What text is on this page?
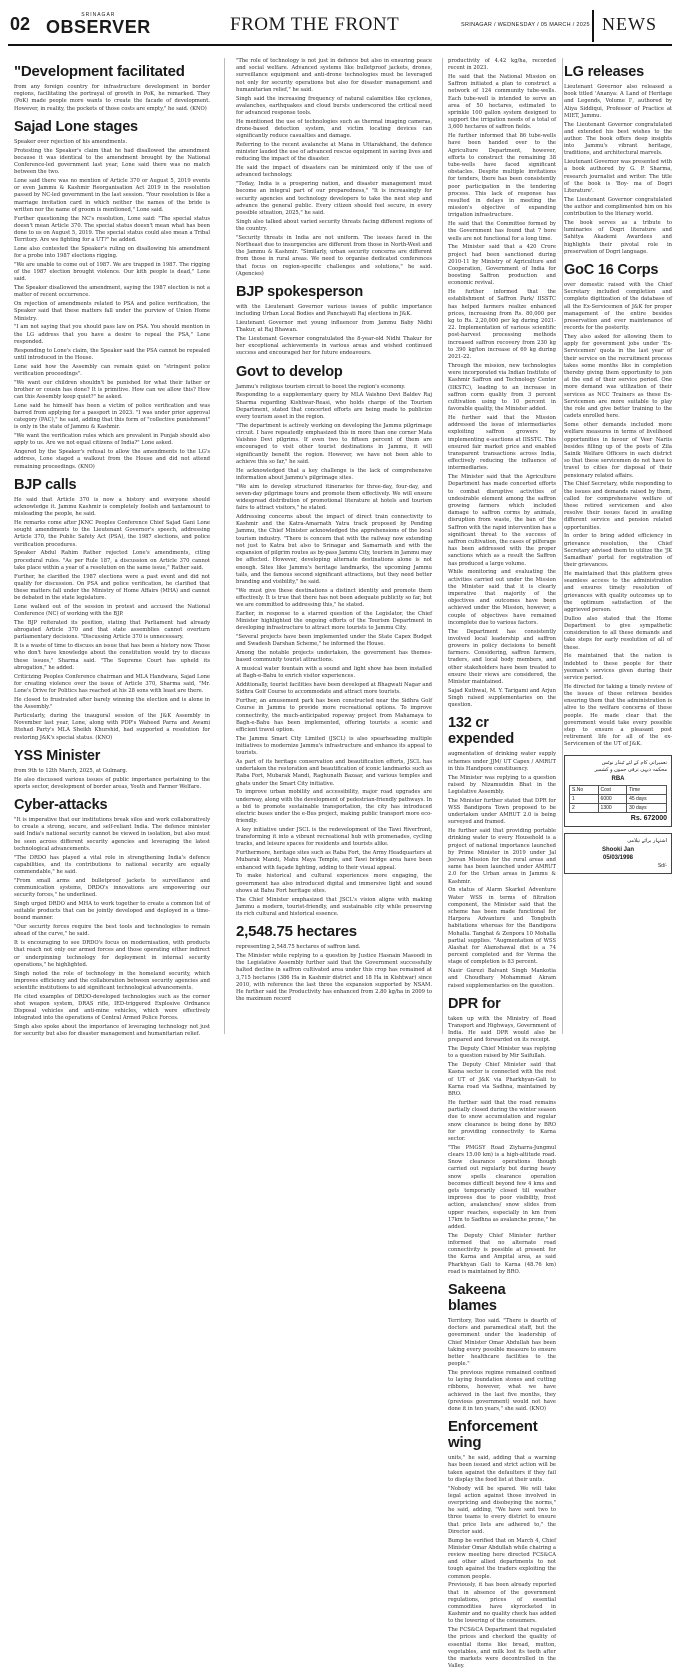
02	SRINAGAR
OBSERVER	FROM THE FRONT	SRINAGAR / WEDNESDAY / 05 MARCH / 2025 NEWS
"Development facilitated

from any foreign country for infrastructure development in border regions, facilitating the portrayal of growth in PoK, he remarked. They (PoK) made people more wants to create the facade of development. However, in reality, the pockets of those costs are empty," he said. (KNO)

Sajad Lone stages

Speaker over rejection of his amendments.

Protesting the Speaker's claim that he had disallowed the amendment because it was identical to the amendment brought by the National Conference-led government last year, Lone said there was no match between the two.

Lone said there was no mention of Article 370 or August 5, 2019 events or even Jammu & Kashmir Reorganisation Act 2019 in the resolution passed by NC-led government in the last session. "Your resolution is like a marriage invitation card in which neither the names of the bride is written nor the name of groom is mentioned," Lone said.

Further questioning the NC's resolution, Lone said: "The special status doesn't mean Article 370. The special status doesn't mean what has been done to us on August 5, 2019. The special status could also mean a Tribal Territory. Are we fighting for a UT?" he added.

Lone also contested the Speaker's ruling on disallowing his amendment for a probe into 1987 elections rigging.

"We are unable to come out of 1987. We are trapped in 1987. The rigging of the 1987 election brought violence. Our kith people is dead," Lone said.

The Speaker disallowed the amendment, saying the 1987 election is not a matter of recent occurrence.

On rejection of amendments related to PSA and police verification, the Speaker said that these matters fall under the purview of Union Home Ministry.

"I am not saying that you should pass law on PSA. You should mention in the LG address that you have a desire to repeal the PSA," Lone responded.

Responding to Lone's claim, the Speaker said the PSA cannot be repealed until introduced in the House.

Lone said how the Assembly can remain quiet on "stringent police verification proceedings".

"We want our children shouldn't be punished for what their father or brother or cousin has done? It is primitive. How can we allow this? How can this Assembly keep quiet?" he asked.

Lone said he himself has been a victim of police verification and was barred from applying for a passport in 2023. "I was under prior approval category (PAC)," he said, adding that this form of "collective punishment" is only in the state of Jammu & Kashmir.

"We want the verification rules which are prevalent in Punjab should also apply to us. Are we not equal citizens of India?" Lone asked.

Angered by the Speaker's refusal to allow the amendments to the LG's address, Lone staged a walkout from the House and did not attend remaining proceedings. (KNO)

BJP calls

He said that Article 370 is now a history and everyone should acknowledge it. Jammu Kashmir is completely foolish and tantamount to misleading the people, he said.

He remarks come after JKNC Peoples Conference Chief Sajad Gani Lone sought amendments to the Lieutenant Governor's speech, addressing Article 370, the Public Safety Act (PSA), the 1987 elections, and police verification procedures.

Speaker Abdul Rahim Rather rejected Lone's amendments, citing procedural rules. "As per Rule 187, a discussion on Article 370 cannot take place within a year of a resolution on the same issue," Rather said.

Further, he clarified the 1987 elections were a past event and did not qualify for discussion. On PSA and police verification, he clarified that these matters fall under the Ministry of Home Affairs (MHA) and cannot be debated in the state legislature.

Lone walked out of the session in protest and accused the National Conference (NC) of working with the BJP.

The BJP reiterated its position, stating that Parliament had already abrogated Article 370 and that state assemblies cannot overturn parliamentary decisions. "Discussing Article 370 is unnecessary.

It is a waste of time to discuss an issue that has been a history now. Those who don't have knowledge about the constitution would try to discuss these issues," Sharma said. "The Supreme Court has upheld its abrogation," he added.

Criticizing Peoples Conference chairman and MLA Handwara, Sajad Lone for creating violence over the issue of Article 370, Sharma said, "Mr. Lone's Drive for Politics has reached at his 28 sons with least are there.

He closed to frustrated after barely winning the election and is alone in the Assembly."

Particularly, during the inaugural session of the J&K Assembly in November last year, Lone, along with PDP's Waheed Parra and Awami Ittehad Party's MLA Sheikh Khurshid, had supported a resolution for restoring J&K's special status. (KNO)

YSS Minister

from 9th to 12th March, 2025, at Gulmarg.

He also discussed various issues of public importance pertaining to the sports sector, development of border areas, Youth and Farmer Welfare.

Cyber-attacks

"It is imperative that our institutions break silos and work collaboratively to create a strong, secure, and self-reliant India. The defence minister said India's national security cannot be viewed in isolation, but also must be seen across different security agencies and leveraging the latest technological advancements.

"The DRDO has played a vital role in strengthening India's defence capabilities, and its contributions to national security are equally commendable," he said.

"From small arms and bulletproof jackets to surveillance and communication systems, DRDO's innovations are empowering our security forces," he underlined.

Singh urged DRDO and MHA to work together to create a common list of suitable products that can be jointly developed and deployed in a time-bound manner.

"Our security forces require the best tools and technologies to remain ahead of the curve," he said.

It is encouraging to see DRDO's focus on modernisation, with products that reach not only our armed forces and those operating either indirect or underpinning technology for deployment in internal security operations," he highlighted.

Singh noted the role of technology in the homeland security, which improves efficiency and the collaboration between security agencies and scientific institutions to aid significant technological advancements.

He cited examples of DRDO-developed technologies such as the corner shot weapon system, DRAS rifle, IED-triggered Explosive Ordnance Disposal vehicles and anti-mine vehicles, which were effectively integrated into the operations of Central Armed Police Forces.

Singh also spoke about the importance of leveraging technology not just for security but also for disaster management and humanitarian relief.

"The role of technology is not just in defence but also in ensuring peace and social welfare. Advanced systems like bulletproof jackets, drones, surveillance equipment and anti-drone technologies must be leveraged not only for security operations but also for disaster management and humanitarian relief," he said.

Singh said the increasing frequency of natural calamities like cyclones, avalanches, earthquakes and cloud bursts underscored the critical need for advanced response tools.

He mentioned the use of technologies such as thermal imaging cameras, drone-based detection system, and victim locating devices can significantly reduce casualties and damage.

Referring to the recent avalanche at Mana in Uttarakhand, the defence minister lauded the use of advanced rescue equipment in saving lives and reducing the impact of the disaster.

He said the impact of disasters can be minimized only if the use of advanced technology.

"Today, India is a prospering nation, and disaster management must become an integral part of our preparedness," "It is increasingly for security agencies and technology developers to take the next step and advance the general public. Every citizen should feel secure, in every possible situation, 2025," he said.

Singh also talked about varied security threats facing different regions of the country.

"Security threats in India are not uniform. The issues faced in the Northeast due to insurgencies are different from those in North-West and the Jammu & Kashmir. "Similarly, urban security concerns are different from those in rural areas. We need to organise dedicated conferences that focus on region-specific challenges and solutions," he said. (Agencies)

BJP spokesperson

with the Lieutenant Governor various issues of public importance including Urban Local Bodies and Panchayati Raj elections in J&K.

Lieutenant Governor met young influencer from Jammu Baby Nidhi Thakur, at Raj Bhawan.

The Lieutenant Governor congratulated the 8-year-old Nidhi Thakur for her exceptional achievements in various areas and wished continued success and encouraged her for future endeavours.

Govt to develop

Jammu's religious tourism circuit to boost the region's economy.

Responding to a supplementary query by MLA Vaishno Devi Baldev Raj Sharma regarding Kishtwar-Reasi, who holds charge of the Tourism Department, stated that concerted efforts are being made to publicize every tourism asset in the region.

"The department is actively working on developing the Jammu pilgrimage circuit. I have repeatedly emphasized this in more than one corner Mata Vaishno Devi pilgrims. If even two to fifteen percent of them are encouraged to visit other tourist destinations in Jammu, it will significantly benefit the region. However, we have not been able to achieve this so far," he said.

He acknowledged that a key challenge is the lack of comprehensive information about Jammu's pilgrimage sites.

"We aim to develop structured itineraries for three-day, four-day, and seven-day pilgrimage tours and promote them effectively. We will ensure widespread distribution of promotional literature at hotels and tourism fairs to attract visitors," he stated.

Addressing concerns about the impact of direct train connectivity to Kashmir and the Katra-Amarnath Yatra track proposed by Pending Jammu, the Chief Minister acknowledged the apprehensions of the local tourism industry. "There is concern that with the railway now extending not just to Katra but also to Srinagar and Samarnath and with the expansion of pilgrim routes as by-pass Jammu City, tourism in Jammu may be affected. However, developing alternate destinations alone is not enough. Sites like Jammu's heritage landmarks, the upcoming Jammu tails, and the famous second significant attractions, but they need better branding and visibility," he said.

"We must give these destinations a distinct identity and promote them effectively. It is true that there has not been adequate publicity so far, but we are committed to addressing this," he stated.

Earlier, in response to a starred question of the Legislator, the Chief Minister highlighted the ongoing efforts of the Tourism Department in developing infrastructure to attract more tourists to Jammu City.

"Several projects have been implemented under the State Capex Budget and Swadesh Darshan Scheme," he informed the House.

Among the notable projects undertaken, the government has themes-based community tourist attractions.

A musical water fountain with a sound and light show has been installed at Bagh-e-Bahu to enrich visitor experiences.

Additionally, tourist facilities have been developed at Bhagwati Nagar and Sidhra Golf Course to accommodate and attract more tourists.

Further, an amusement park has been constructed near the Sidhra Golf Course in Jammu to provide more recreational options. To improve connectivity, the much-anticipated ropeway project from Mahamaya to Bagh-e-Bahu has been implemented, offering tourists a scenic and efficient travel option.

The Jammu Smart City Limited (JSCL) is also spearheading multiple initiatives to modernize Jammu's infrastructure and enhance its appeal to tourists.

As part of its heritage conservation and beautification efforts, JSCL has undertaken the restoration and beautification of iconic landmarks such as Raba Fort, Mubarak Mandi, Raghunath Bazaar, and various temples and ghats under the Smart City initiative.

To improve urban mobility and accessibility, major road upgrades are underway, along with the development of pedestrian-friendly pathways. In a bid to promote sustainable transportation, the city has introduced electric buses under the e-Bus project, making public transport more eco-friendly.

A key initiative under JSCL is the redevelopment of the Tawi Riverfront, transforming it into a vibrant recreational hub with promenades, cycling tracks, and leisure spaces for residents and tourists alike.

Furthermore, heritage sites such as Raba Fort, the Army Headquarters at Mubarak Mandi, Mahu Maya Temple, and Tawi bridge area have been enhanced with façade lighting, adding to their visual appeal.

To make historical and cultural experiences more engaging, the government has also introduced digital and immersive light and sound shows at Bahu Fort heritage sites.

The Chief Minister emphasized that JSCL's vision aligns with making Jammu a modern, tourist-friendly, and sustainable city while preserving its rich cultural and historical essence.

2,548.75 hectares

representing 2,548.75 hectares of saffron land.

The Minister while replying to a question by Justice Hasnain Masoodi in the Legislative Assembly further said that the Government successfully halted decline in saffron cultivated area under this crop has remained at 3,715 hectares (386 Ha in Kashmir district and 18 Ha in Kishtwar) since 2010, with reference the last three the expansion supported by NSAM. He further said the Productivity has enhanced from 2.80 kg/ha in 2009 to the maximum record

productivity of 4.42 kg/ha, recorded recent in 2023.

He said that the National Mission on Saffron initiated a plan to construct a network of 124 community tube-wells. Each tube-well is intended to serve an area of 50 hectares, estimated to sprinkle 100 gallon system designed to support the irrigation needs of a total of 3,600 hectares of saffron fields.

He further informed that 86 tube-wells have been handed over to the Agriculture Department, however, efforts to construct the remaining 38 tube-wells have faced significant obstacles. Despite multiple invitations for tenders, there has been consistently poor participation in the tendering process. This lack of response has resulted in delays in meeting the mission's objective of expanding irrigation infrastructure.

He said that the Committee formed by the Government has found that 7 bore wells are not functional for a long time.

The Minister said that a 420 Crore project had been sanctioned during 2010-11 by Ministry of Agriculture and Cooperation, Government of India for boosting Saffron production and economic revival.

He further informed that the establishment of Saffron Park/ IISSTC has helped farmers realize enhanced prices, increasing from Rs. 80,000 per kg to Rs. 2,20,000 per kg during 2021-22. Implementation of various scientific post-harvest processing methods increased saffron recovery from 230 kg to 390 kg/ton increase of 69 kg during 2021-22.

Through the mission, new technologies were incorporated via Indian Institute of Kashmir Saffron and Technology Center (IIKSTC), leading to an increase in saffron corm quality from 3 percent cultivation using to 10 percent in favorable quality, the Minister added.

He further said that the Mission addressed the issue of intermediaries exploiting saffron growers by implementing e-auctions at IISSTC. This ensured fair market price and enabled transparent transactions across India, effectively reducing the influence of intermediaries.

The Minister said that the Agriculture Department has made concerted efforts to combat disruptive activities of undesirable element among the saffron growing farmers which included damage to saffron corms by animals, disruption from waste, the ban of the Saffron with the rapid intervention has a significant threat to the success of saffron cultivation, the cases of pilferage has been addressed with the proper sanctions which as a result the Saffron has produced a large volume.

While monitoring and evaluating the activities carried out under the Mission the Minister said that it is clearly imperative that majority of the objectives and outcomes have been achieved under the Mission, however, a couple of objectives have remained incomplete due to various factors.

The Department has consistently involved local leadership and saffron growers in policy decisions to benefit farmers. Considering, saffron farmers, traders, and local body members, and other stakeholders have been treated to ensure their views are considered, the Minister maintained.

Sajad Kuthwal, M. Y. Tarigami and Arjun Singh raised supplementaries on the question.

132 cr expended

augmentation of drinking water supply schemes under JJM/ UT Capex / AMRUT in this Handpore constituency.

The Minister was replying to a question raised by Nizamuddin Bhat in the Legislative Assembly.

The Minister further stated that DPR for WSS Bandipora Town proposed to be undertaken under AMRUT 2.0 is being surveyed and framed.

He further said that providing portable drinking water to every Household is a project of national importance launched by Prime Minister in 2019 under Jal Jeevan Mission for the rural areas and same has been launched under AMRUT 2.0 for the Urban areas in Jammu & Kashmir.

On status of Alarm Skarkel Adventure Water WSS in terms of filtration component, the Minister said that the scheme has been made functional for Harpora Advanture and Tongbuth habitations whereas for the Bandipora Mohalla. Tanghat & Zenpora 10 Mohalla partial supplies. "Augmentation of WSS Alashat for Alamshawal dist is a 74 percent completed and for Verma the stage of completion is 83 percent.

Nasir Gurezi Balvant Singh Mankotia and Choudhary Mohammad Akram raised supplementaries on the question.

DPR for

taken up with the Ministry of Road Transport and Highways, Government of India. He said DPR would also be prepared and forwarded on its receipt.

The Deputy Chief Minister was replying to a question raised by Mir Saifullah.

The Deputy Chief Minister said that Kasna sector is connected with the rest of UT of J&K via Pharkhyan-Gali to Karna road via Sadhna, maintained by BRO.

He further said that the road remains partially closed during the winter season due to snow accumulation and regular snow clearance is being done by BRO for providing connectivity to Karna sector.

"The PMGSY Road Ziyharra-Jungmul clears 15.00 km) is a high-altitude road. Snow clearance operations though carried out regularly but during heavy snow spells clearance operation becomes difficult beyond few 4 kms and gets temporarily closed till weather improves due to poor visibility, frost action, avalanches/ snow slides from upper reaches, especially in km from 17km to Sadhna as avalanche prone," he added.

The Deputy Chief Minister further informed that no alternate road connectivity is possible at present for the Karna and Ampital area, as said Pharkhyan Gali to Karna (48.76 km) road is maintained by BRO.

Sakeena blames

Territory, Itoo said. "There is dearth of doctors and paramedical staff, but the government under the leadership of Chief Minister Omar Abdullah has been taking every possible measure to ensure better healthcare facilities to the people."

The previous regime remained confined to laying foundation stones and cutting ribbons, however, what we have achieved in the last five months, they (previous government) would not have done it in ten years," she said. (KNO)

Enforcement wing

units," he said, adding that a warning has been issued and strict action will be taken against the defaulters if they fail to display the food list at their units.

"Nobody will be spared. We will take legal action against those involved in overpricing and disobeying the norms," he said, adding, "We have sent two to three teams to every district to ensure that price lists are adhered to," the Director said.

Bump be verified that on March 4, Chief Minister Omar Abdullah while chairing a review meeting here directed FCS&CA and other allied departments to not tough against the traders exploiting the common people.

Previously, it has been already reported that in absence of the government regulations, prices of essential commodities have skyrocketed in Kashmir and no quality check has added to the lowering of the consumers.

The FCS&CA Department that regulated the prices and checked the quality of essential items like bread, mutton, vegetables, and milk lost its teeth after the markets were decontrolled in the Valley.

LG releases

Lieutenant Governor also released a book titled 'Ananya: A Land of Heritage and Legends, Volume I', authored by Aliya Siddiqui, Professor of Practice at MIET, Jammu.

The Lieutenant Governor congratulated and extended his best wishes to the author. The book offers deep insights into Jammu's vibrant heritage, traditions, and architectural marvels.

Lieutenant Governor was presented with a book authored by G. P. Sharma, research journalist and writer. The title of the book is 'Boy- ma of Dogri Literature'.

The Lieutenant Governor congratulated the author and complimented him on his contribution to the literary world.

The book serves as a tribute to luminaries of Dogri literature and Sahitya Akademi Awardees and highlights their pivotal role in preservation of Dogri language.

GoC 16 Corps

over domestic raised with the Chief Secretary included completion and complete digitization of the database of all the Ex-Servicemen of J&K for proper management of the entire besides preservation and ever maintenance of records for the posterity.

They also asked for allowing them to apply for government jobs under 'Ex-Servicemen' quota in the last year of their service on the recruitment process takes some months like in completion thereby giving them opportunity to join at the end of their service period. One more demand was utilization of their services as NCC Trainers as these Ex-Servicemen are more suitable to play the role and give better training to the cadets enrolled here.

Some other demands included more welfare measures in terms of livelihood opportunities in favour of Veer Nariis besides filling up of the posts of Zila Sainik Welfare Officers in each district so that these servicemen do not have to travel to cities for disposal of their pensionary related affairs.

The Chief Secretary, while responding to the issues and demands raised by them, called for comprehensive welfare of these retired servicemen and also resolve their issues faced in availing different service and pension related opportunities.

In order to bring added efficiency in grievance resolution, the Chief Secretary advised them to utilize the 'JK Samadhan' portal for registration of their grievances.

He maintained that this platform gives seamless access to the administration and ensures timely resolution of grievances with quality outcomes up to the optimum satisfaction of the aggrieved person.

Dulloo also stated that the Home Department to give sympathetic consideration to all these demands and take steps for early resolution of all of these.

He maintained that the nation is indebted to these people for their yeoman's services given during their service period.

He directed for taking a timely review of the issues of these retirees besides ensuring them that the administration is alive to the welfare concerns of these people. He made clear that the government would take every possible step to ensure a pleasant post retirement life for all of the ex-Servicemen of the UT of J&K.

تعمیراتی کام کے لئے ٹینڈر نوٹس
محکمہ دیہی ترقی جموں و کشمیر
RBA
S.No	Cost	Time
1	6000	45 days
2	1300	30 days
Rs. 672000
اشتہار برائے نیلامی
Shooki Jan
05/03/1998
Sd/-
